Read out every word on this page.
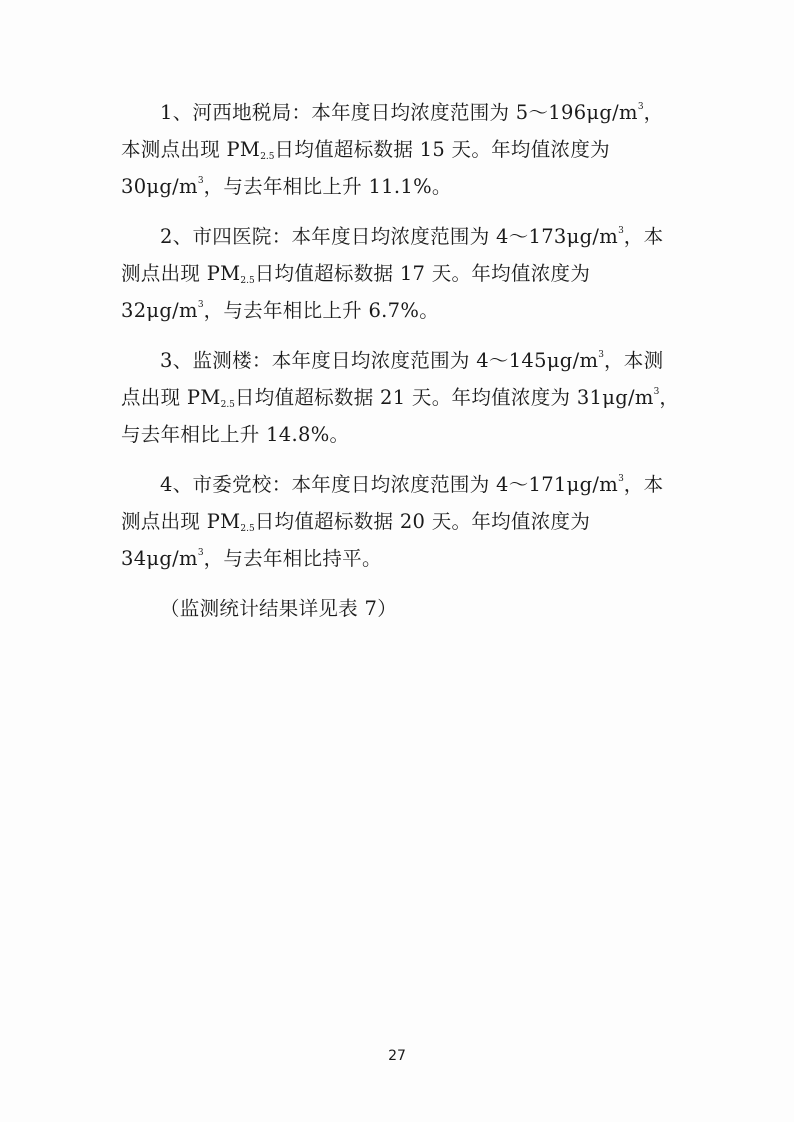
1、河西地税局：本年度日均浓度范围为 $5\sim 196\mu g/m^3$，本测点出现 $PM_{2.5}$日均值超标数据 15 天。年均值浓度为 $30\mu g/m^3$，与去年相比上升 11.1%。

2、市四医院：本年度日均浓度范围为 $4\sim 173\mu g/m^3$，本测点出现 $PM_{2.5}$日均值超标数据 17 天。年均值浓度为 $32\mu g/m^3$，与去年相比上升 6.7%。

3、监测楼：本年度日均浓度范围为 $4\sim 145\mu g/m^3$，本测点出现 $PM_{2.5}$日均值超标数据 21 天。年均值浓度为 $31\mu g/m^3$，与去年相比上升 14.8%。

4、市委党校：本年度日均浓度范围为 $4\sim 171\mu g/m^3$，本测点出现 $PM_{2.5}$日均值超标数据 20 天。年均值浓度为 $34\mu g/m^3$，与去年相比持平。

（监测统计结果详见表 7）

27
